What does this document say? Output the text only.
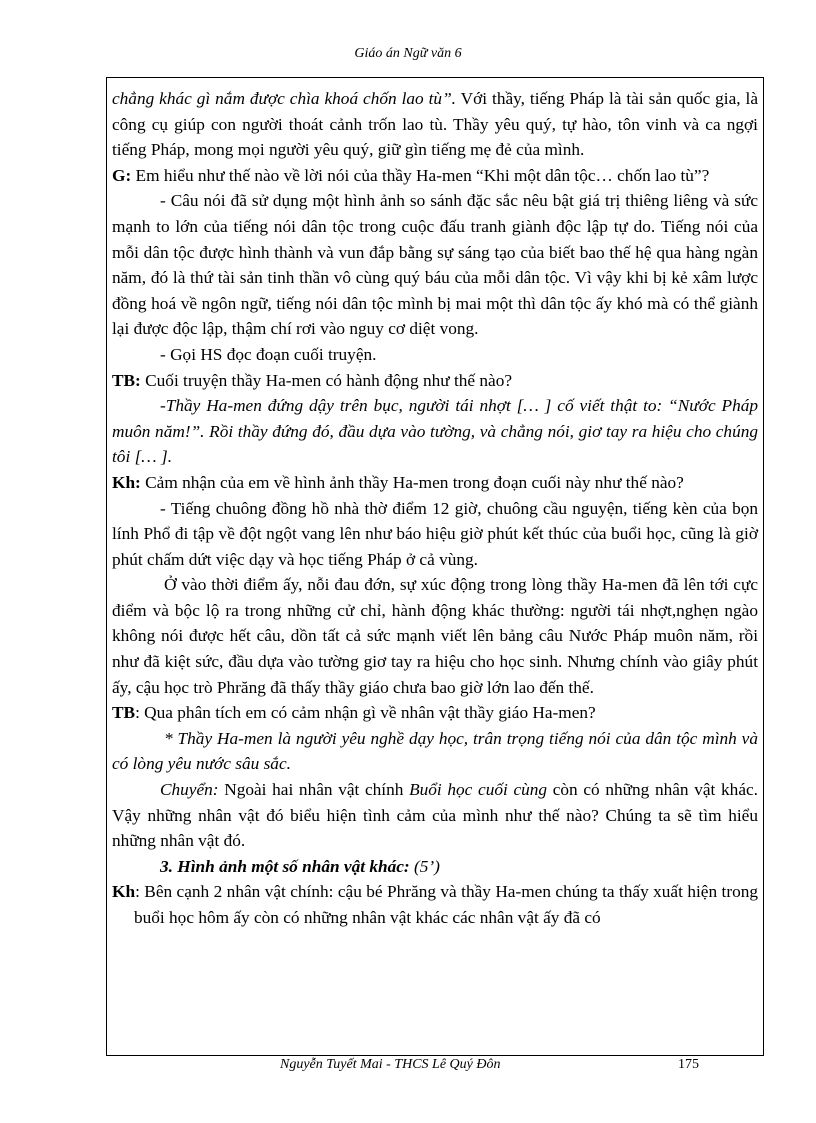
Giáo án Ngữ văn 6

chẳng khác gì nắm được chìa khoá chốn lao tù”. Với thầy, tiếng Pháp là tài sản quốc gia, là công cụ giúp con người thoát cảnh trốn lao tù. Thầy yêu quý, tự hào, tôn vinh và ca ngợi tiếng Pháp, mong mọi người yêu quý, giữ gìn tiếng mẹ đẻ của mình.

G: Em hiểu như thế nào về lời nói của thầy Ha-men “Khi một dân tộc… chốn lao tù”?

- Câu nói đã sử dụng một hình ảnh so sánh đặc sắc nêu bật giá trị thiêng liêng và sức mạnh to lớn của tiếng nói dân tộc trong cuộc đấu tranh giành độc lập tự do. Tiếng nói của mỗi dân tộc được hình thành và vun đắp bằng sự sáng tạo của biết bao thế hệ qua hàng ngàn năm, đó là thứ tài sản tinh thần vô cùng quý báu của mỗi dân tộc. Vì vậy khi bị kẻ xâm lược đồng hoá về ngôn ngữ, tiếng nói dân tộc mình bị mai một thì dân tộc ấy khó mà có thể giành lại được độc lập, thậm chí rơi vào nguy cơ diệt vong.

- Gọi HS đọc đoạn cuối truyện.

TB: Cuối truyện thầy Ha-men có hành động như thế nào?

-Thầy Ha-men đứng dậy trên bục, người tái nhợt [… ] cố viết thật to: “Nước Pháp muôn năm!”. Rồi thầy đứng đó, đầu dựa vào tường, và chẳng nói, giơ tay ra hiệu cho chúng tôi [… ].

Kh: Cảm nhận của em về hình ảnh thầy Ha-men trong đoạn cuối này như thế nào?

- Tiếng chuông đồng hồ nhà thờ điểm 12 giờ, chuông cầu nguyện, tiếng kèn của bọn lính Phổ đi tập về đột ngột vang lên như báo hiệu giờ phút kết thúc của buổi học, cũng là giờ phút chấm dứt việc dạy và học tiếng Pháp ở cả vùng.

Ở vào thời điểm ấy, nỗi đau đớn, sự xúc động trong lòng thầy Ha-men đã lên tới cực điểm và bộc lộ ra trong những cử chỉ, hành động khác thường: người tái nhợt,nghẹn ngào không nói được hết câu, dồn tất cả sức mạnh viết lên bảng câu Nước Pháp muôn năm, rồi như đã kiệt sức, đầu dựa vào tường giơ tay ra hiệu cho học sinh. Nhưng chính vào giây phút ấy, cậu học trò Phrăng đã thấy thầy giáo chưa bao giờ lớn lao đến thế.

TB: Qua phân tích em có cảm nhận gì về nhân vật thầy giáo Ha-men?

* Thầy Ha-men là người yêu nghề dạy học, trân trọng tiếng nói của dân tộc mình và có lòng yêu nước sâu sắc.

Chuyển: Ngoài hai nhân vật chính Buổi học cuối cùng còn có những nhân vật khác. Vậy những nhân vật đó biểu hiện tình cảm của mình như thế nào? Chúng ta sẽ tìm hiểu những nhân vật đó.

3. Hình ảnh một số nhân vật khác: (5’)

Kh: Bên cạnh 2 nhân vật chính: cậu bé Phrăng và thầy Ha-men chúng ta thấy xuất hiện trong buổi học hôm ấy còn có những nhân vật khác các nhân vật ấy đã có

Nguyễn Tuyết Mai - THCS Lê Quý Đôn	175
